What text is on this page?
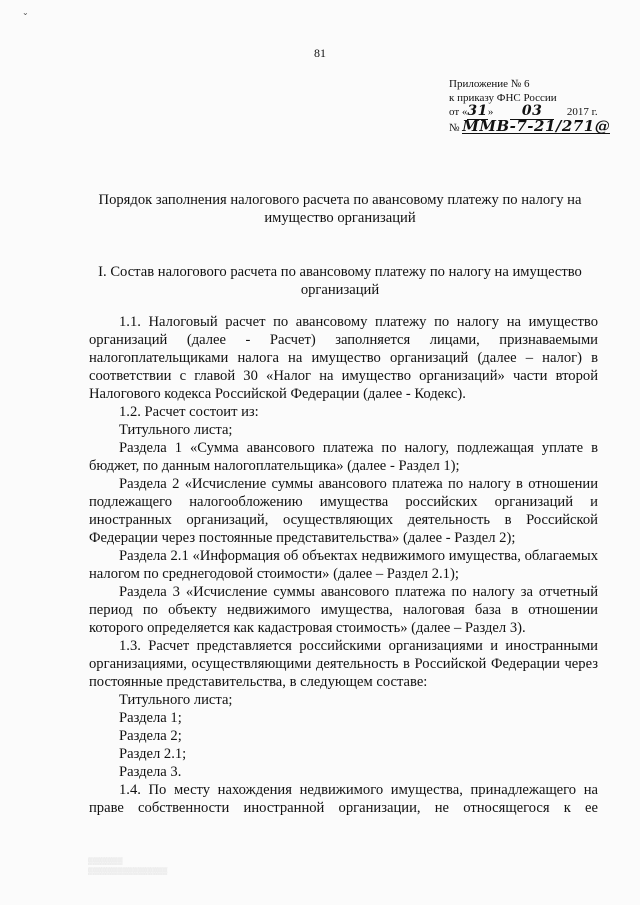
⌄
81
Приложение № 6
к приказу ФНС России
от «31» 03 2017 г.
№ ММВ-7-21/271@
Порядок заполнения налогового расчета по авансовому платежу по налогу на имущество организаций
I. Состав налогового расчета по авансовому платежу по налогу на имущество организаций

1.1. Налоговый расчет по авансовому платежу по налогу на имущество организаций (далее - Расчет) заполняется лицами, признаваемыми налогоплательщиками налога на имущество организаций (далее – налог) в соответствии с главой 30 «Налог на имущество организаций» части второй Налогового кодекса Российской Федерации (далее - Кодекс).

1.2. Расчет состоит из:

Титульного листа;

Раздела 1 «Сумма авансового платежа по налогу, подлежащая уплате в бюджет, по данным налогоплательщика» (далее - Раздел 1);

Раздела 2 «Исчисление суммы авансового платежа по налогу в отношении подлежащего налогообложению имущества российских организаций и иностранных организаций, осуществляющих деятельность в Российской Федерации через постоянные представительства» (далее - Раздел 2);

Раздела 2.1 «Информация об объектах недвижимого имущества, облагаемых налогом по среднегодовой стоимости» (далее – Раздел 2.1);

Раздела 3 «Исчисление суммы авансового платежа по налогу за отчетный период по объекту недвижимого имущества, налоговая база в отношении которого определяется как кадастровая стоимость» (далее – Раздел 3).

1.3. Расчет представляется российскими организациями и иностранными организациями, осуществляющими деятельность в Российской Федерации через постоянные представительства, в следующем составе:

Титульного листа;

Раздела 1;

Раздела 2;

Раздел 2.1;

Раздела 3.

1.4. По месту нахождения недвижимого имущества, принадлежащего на праве собственности иностранной организации, не относящегося к ее

▒▒▒▒▒▒▒
▒▒▒▒▒▒▒▒▒▒▒▒▒▒▒▒
